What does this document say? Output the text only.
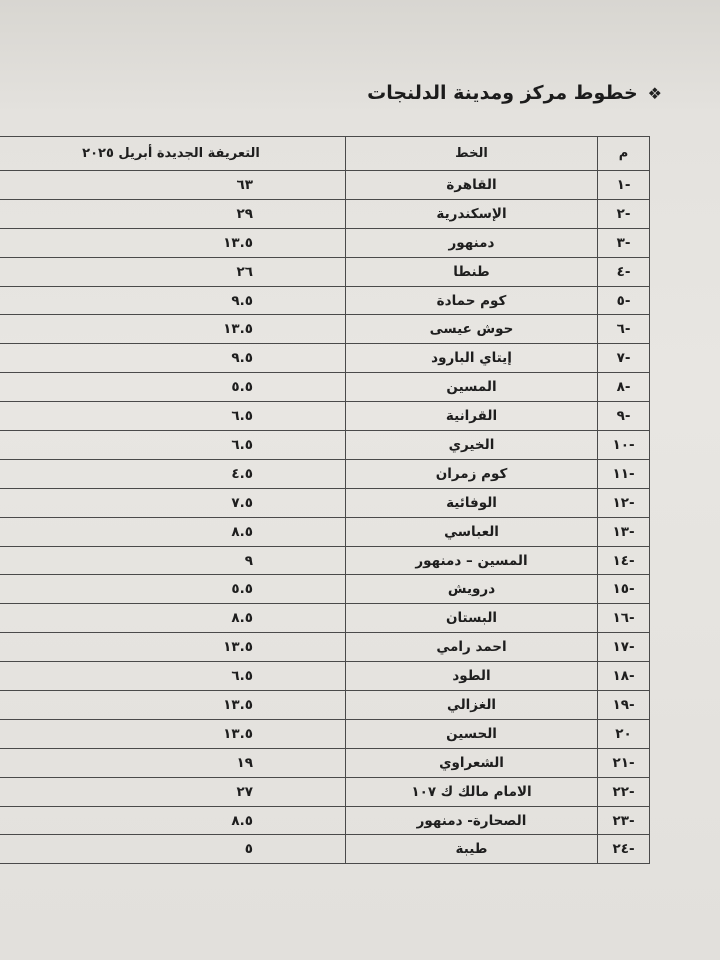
❖
خطوط مركز ومدينة الدلنجات
م	الخط	التعريفة الجديدة أبريل ٢٠٢٥
-١	القاهرة	٦٣
-٢	الإسكندرية	٢٩
-٣	دمنهور	١٣.٥
-٤	طنطا	٢٦
-٥	كوم حمادة	٩.٥
-٦	حوش عيسى	١٣.٥
-٧	إيتاي البارود	٩.٥
-٨	المسين	٥.٥
-٩	القرانية	٦.٥
-١٠	الخيري	٦.٥
-١١	كوم زمران	٤.٥
-١٢	الوفائية	٧.٥
-١٣	العباسي	٨.٥
-١٤	المسين – دمنهور	٩
-١٥	درويش	٥.٥
-١٦	البستان	٨.٥
-١٧	احمد رامي	١٣.٥
-١٨	الطود	٦.٥
-١٩	الغزالي	١٣.٥
٢٠	الحسين	١٣.٥
-٢١	الشعراوي	١٩
-٢٢	الامام مالك ك ١٠٧	٢٧
-٢٣	الصحارة- دمنهور	٨.٥
-٢٤	طيبة	٥
